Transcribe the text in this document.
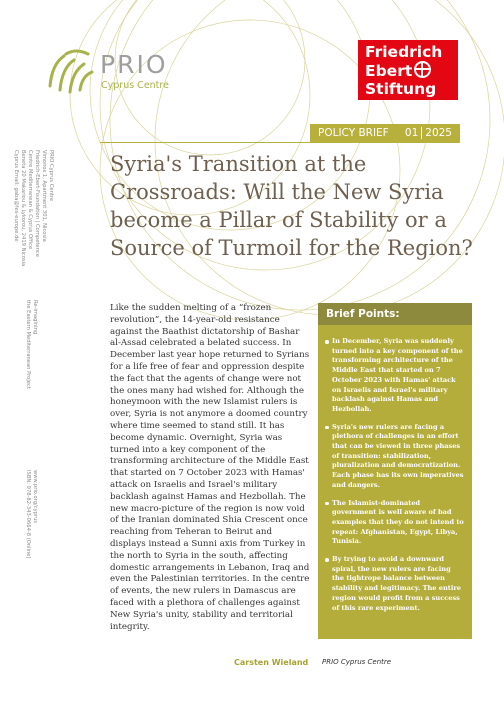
PRIO
Cyprus Centre
Friedrich
Ebert
Stiftung
POLICY BRIEF 01 2025
Syria's Transition at the Crossroads: Will the New Syria become a Pillar of Stability or a Source of Turmoil for the Region?
PRIO Cyprus Centre
Vimonos 1, Apartment 301, Nicosia
Friedrich-Ebert-Foundation | Competence
Centre Mediterranean & Cyprus Office
Beneta 20 Makariou & Lykorou, 2419 Nicosia
Cyprus Email: gaba@fes-europe.de
Re-imagining
the Eastern Mediterranean Project
www.prio.org/cyprus
ISBN: 978-82-343-0664-8 (Online)

Like the sudden melting of a “frozen revolution”, the 14-year-old resistance against the Baathist dictatorship of Bashar al-Assad celebrated a belated success. In December last year hope returned to Syrians for a life free of fear and oppression despite the fact that the agents of change were not the ones many had wished for. Although the honeymoon with the new Islamist rulers is over, Syria is not anymore a doomed country where time seemed to stand still. It has become dynamic. Overnight, Syria was turned into a key component of the transforming architecture of the Middle East that started on 7 October 2023 with Hamas' attack on Israelis and Israel's military backlash against Hamas and Hezbollah. The new macro-picture of the region is now void of the Iranian dominated Shia Crescent once reaching from Teheran to Beirut and displays instead a Sunni axis from Turkey in the north to Syria in the south, affecting domestic arrangements in Lebanon, Iraq and even the Palestinian territories. In the centre of events, the new rulers in Damascus are faced with a plethora of challenges against New Syria's unity, stability and territorial integrity.

Brief Points:
In December, Syria was suddenly turned into a key component of the transforming architecture of the Middle East that started on 7 October 2023 with Hamas' attack on Israelis and Israel's military backlash against Hamas and Hezbollah.
Syria's new rulers are facing a plethora of challenges in an effort that can be viewed in three phases of transition: stabilization, pluralization and democratization. Each phase has its own imperatives and dangers.
The Islamist-dominated government is well aware of bad examples that they do not intend to repeat: Afghanistan, Egypt, Libya, Tunisia.
By trying to avoid a downward spiral, the new rulers are facing the tightrope balance between stability and legitimacy. The entire region would profit from a success of this rare experiment.
Carsten Wieland PRIO Cyprus Centre
